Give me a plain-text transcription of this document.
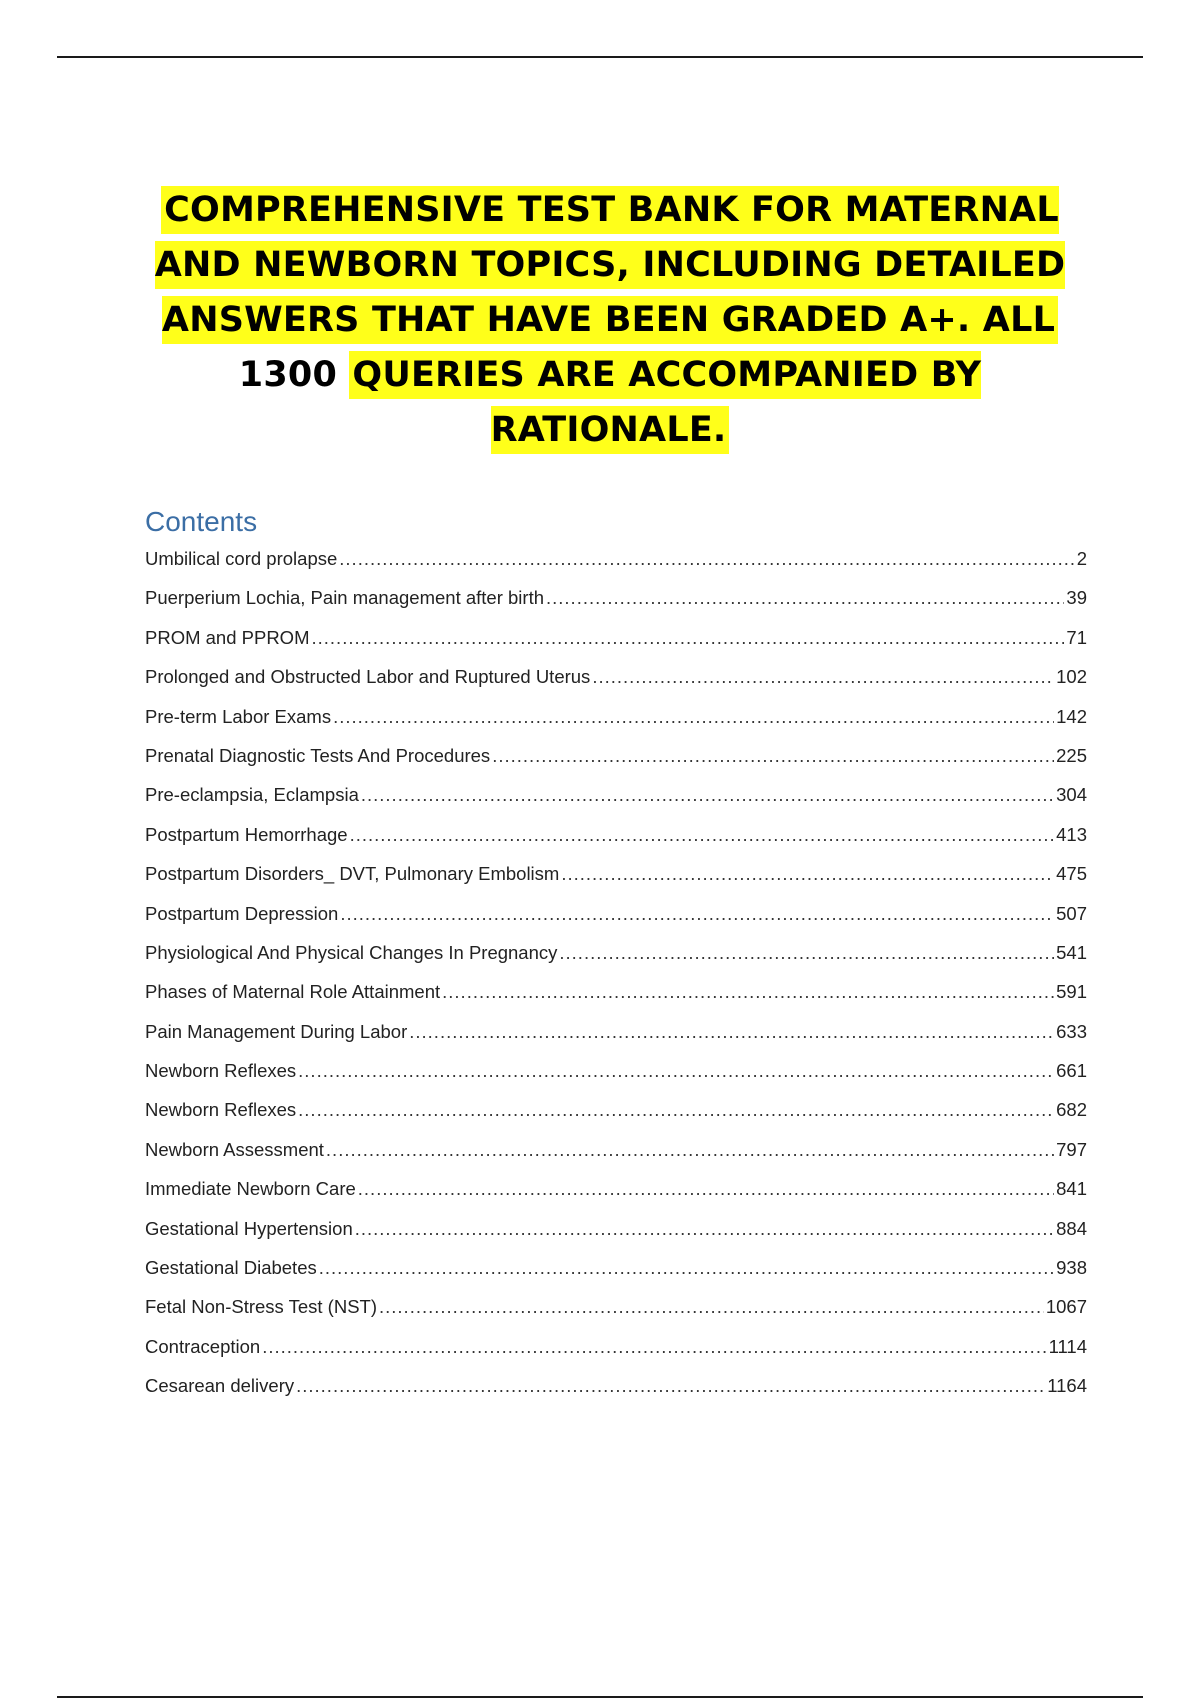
COMPREHENSIVE TEST BANK FOR MATERNAL AND NEWBORN TOPICS, INCLUDING DETAILED ANSWERS THAT HAVE BEEN GRADED A+. ALL 1300 QUERIES ARE ACCOMPANIED BY RATIONALE.
Contents
Umbilical cord prolapse .....	2
Puerperium Lochia, Pain management after birth .....	39
PROM and PPROM .....	71
Prolonged and Obstructed Labor and Ruptured Uterus .....	102
Pre-term Labor Exams .....	142
Prenatal Diagnostic Tests And Procedures .....	225
Pre-eclampsia, Eclampsia .....	304
Postpartum Hemorrhage .....	413
Postpartum Disorders_ DVT, Pulmonary Embolism .....	475
Postpartum Depression .....	507
Physiological And Physical Changes In Pregnancy .....	541
Phases of Maternal Role Attainment .....	591
Pain Management During Labor .....	633
Newborn Reflexes .....	661
Newborn Reflexes .....	682
Newborn Assessment .....	797
Immediate Newborn Care .....	841
Gestational Hypertension .....	884
Gestational Diabetes .....	938
Fetal Non-Stress Test (NST) .....	1067
Contraception .....	1114
Cesarean delivery .....	1164
